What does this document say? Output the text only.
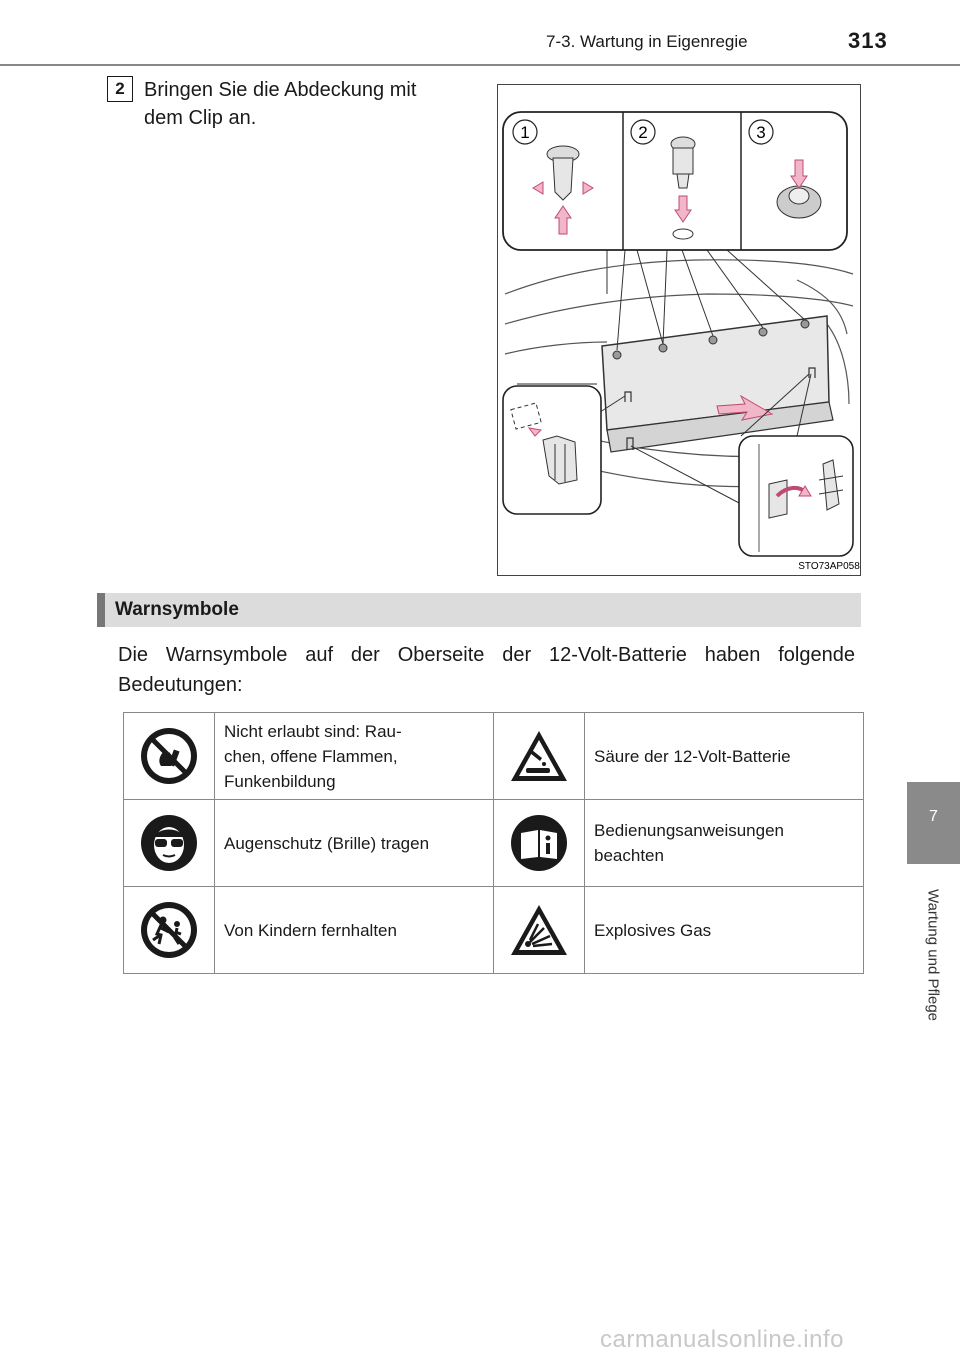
7-3. Wartung in Eigenregie	313
7
Wartung und Pflege
2 Bringen Sie die Abdeckung mit
dem Clip an.
1	2	3
STO73AP058
Warnsymbole
Die Warnsymbole auf der Oberseite der 12-Volt-Batterie haben folgende Bedeutungen:

Nicht erlaubt sind: Rau-
chen, offene Flammen,
Funkenbildung		Säure der 12-Volt-Batterie

Augenschutz (Brille) tragen		Bedienungsanweisungen
beachten

Von Kindern fernhalten		Explosives Gas
carmanualsonline.info
